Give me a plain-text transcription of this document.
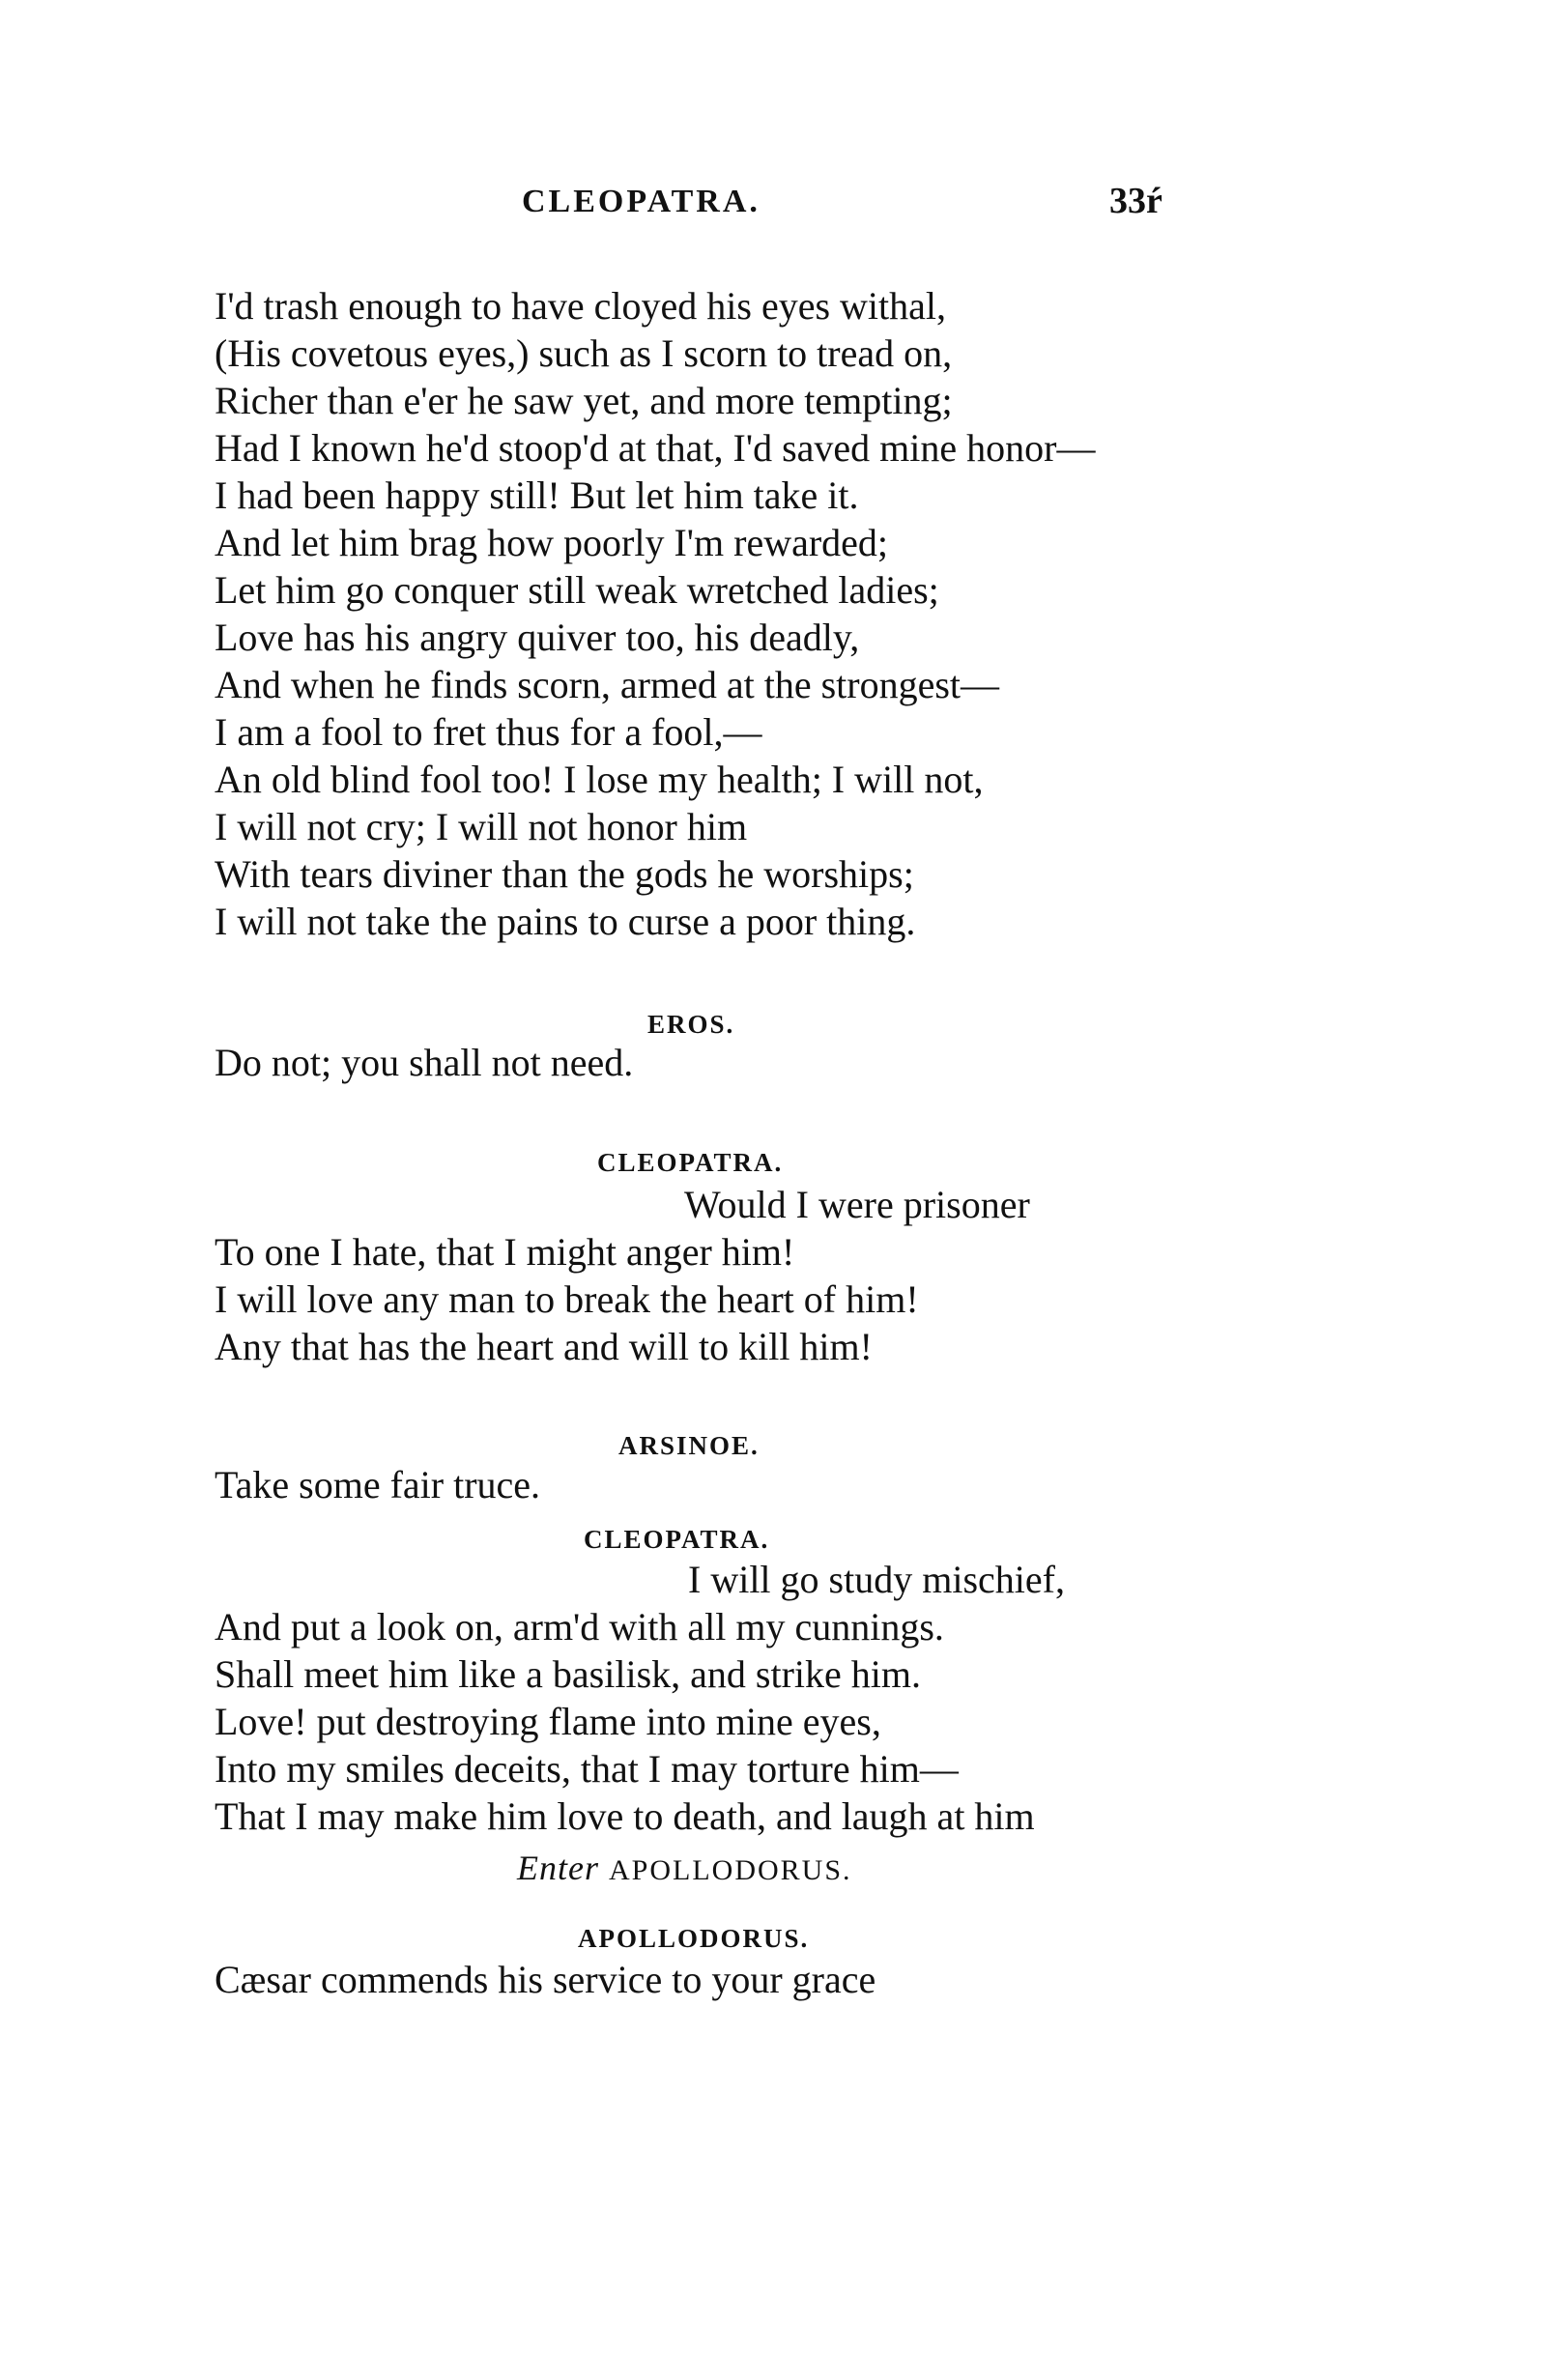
CLEOPATRA.	33ŕ
I'd trash enough to have cloyed his eyes withal,
(His covetous eyes,) such as I scorn to tread on,
Richer than e'er he saw yet, and more tempting;
Had I known he'd stoop'd at that, I'd saved mine honor—
I had been happy still! But let him take it.
And let him brag how poorly I'm rewarded;
Let him go conquer still weak wretched ladies;
Love has his angry quiver too, his deadly,
And when he finds scorn, armed at the strongest—
I am a fool to fret thus for a fool,—
An old blind fool too! I lose my health; I will not,
I will not cry; I will not honor him
With tears diviner than the gods he worships;
I will not take the pains to curse a poor thing.
EROS.
Do not; you shall not need.
CLEOPATRA.
Would I were prisoner
To one I hate, that I might anger him!
I will love any man to break the heart of him!
Any that has the heart and will to kill him!
ARSINOE.
Take some fair truce.
CLEOPATRA.
I will go study mischief,
And put a look on, arm'd with all my cunnings.
Shall meet him like a basilisk, and strike him.
Love! put destroying flame into mine eyes,
Into my smiles deceits, that I may torture him—
That I may make him love to death, and laugh at him
Enter APOLLODORUS.
APOLLODORUS.
Cæsar commends his service to your grace
